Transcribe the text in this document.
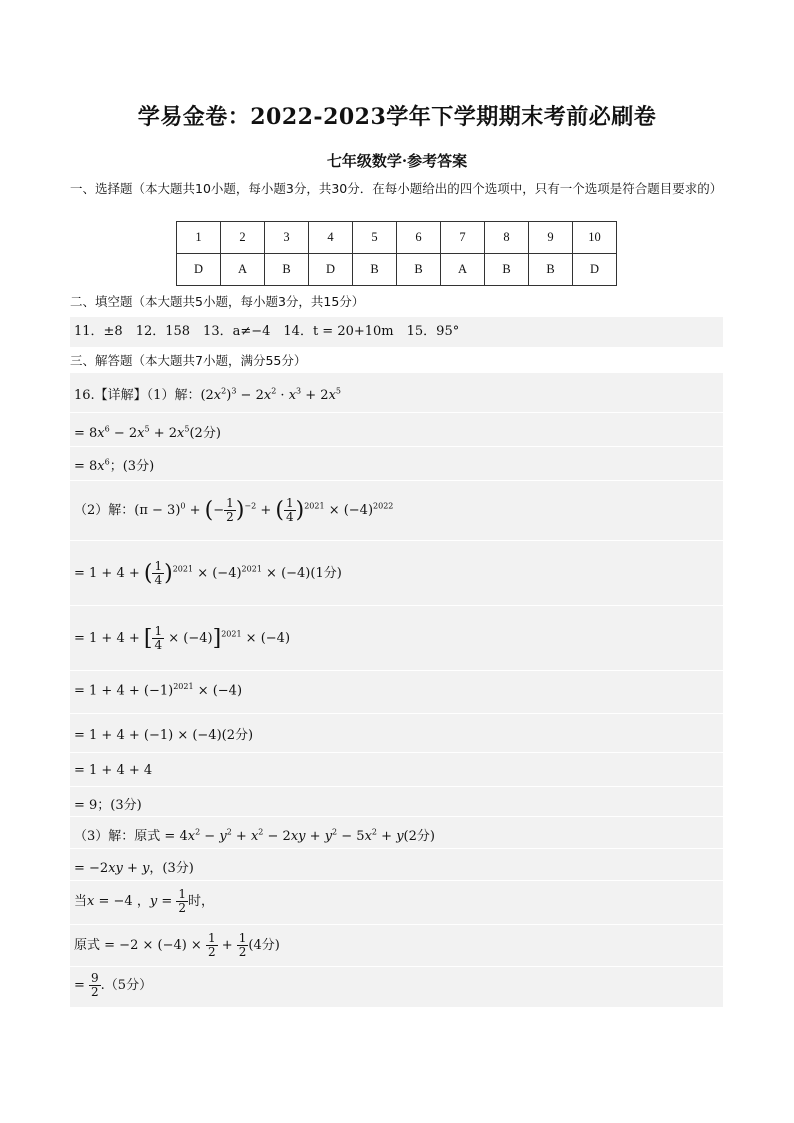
学易金卷：2022-2023学年下学期期末考前必刷卷
七年级数学·参考答案
一、选择题（本大题共10小题，每小题3分，共30分．在每小题给出的四个选项中，只有一个选项是符合题目要求的）
1	2	3	4	5	6	7	8	9	10
D	A	B	D	B	B	A	B	B	D
二、填空题（本大题共5小题，每小题3分，共15分）
11．±8　12．158　13．a≠−4　14．t = 20+10m　15．95°
三、解答题（本大题共7小题，满分55分）
16.【详解】（1）解：$(2x^2)^3 - 2x^2 \cdot x^3 + 2x^5$
= $8x^6 - 2x^5 + 2x^5(2$分)
= $8x^6$；(3分)
（2）解：$(\pi - 3)^0$ + (− $\frac{1}{2} )^{-2}$ + ( $\frac{1}{4} )^{2021} \times (-4)^{2022}$
= 1 + 4 + ( $\frac{1}{4} )^{2021} \times (-4)^{2021} \times (-4)(1$分)
= 1 + 4 + [ $\frac{1}{4} \times (-4)]^{2021} \times (-4)$
= $1 + 4 + (-1)^{2021} \times (-4)$
= 1 + 4 + (−1) × (−4)(2分)
= 1 + 4 + 4
= 9；(3分)
（3）解：原式 = $4x^2 - y^2 + x^2 - 2xy + y^2 - 5x^2 + y(2$分)
= −2xy + y，(3分)
当x = −4 ，$y = \frac{1}{2}$ 时，
原式 = $-2 \times (-4) \times \frac{1}{2} + \frac{1}{2} (4$分)
= $\frac{9}{2} .(5$分）
